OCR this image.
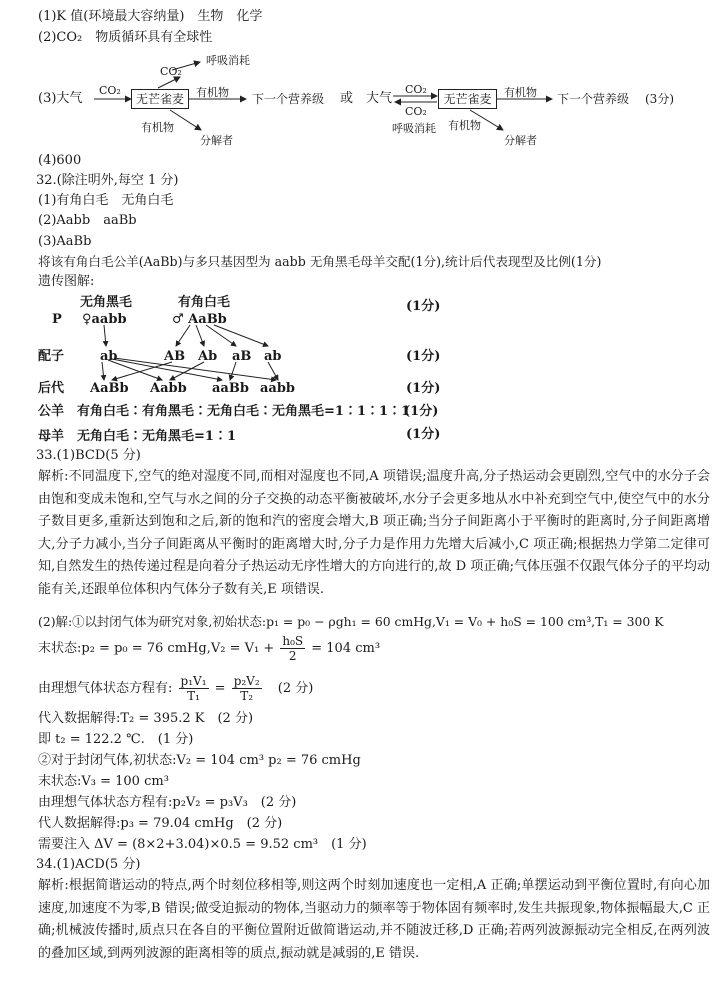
(1)K 值(环境最大容纳量)　生物　化学
(2)CO₂　物质循环具有全球性
(3)大气
CO₂
CO₂
呼吸消耗
无芒雀麦	有机物 下一个营养级
有机物
分解者
或 大气
CO₂
CO₂
呼吸消耗
无芒雀麦	有机物 下一个营养级
有机物
分解者
(3分)
(4)600
32.(除注明外,每空 1 分)
(1)有角白毛　无角白毛
(2)Aabb　aaBb
(3)AaBb
将该有角白毛公羊(AaBb)与多只基因型为 aabb 无角黑毛母羊交配(1分),统计后代表现型及比例(1分)
遗传图解:
无角黑毛	有角白毛
P ♀aabb	♂ AaBb
(1分)
配子	ab	AB Ab aB ab	(1分)
后代 AaBb Aabb aaBb aabb	(1分)
公羊　有角白毛∶有角黑毛∶无角白毛∶无角黑毛=1∶1∶1∶1
(1分)
母羊　无角白毛∶无角黑毛=1∶1	(1分)
33.(1)BCD(5 分)
解析:不同温度下,空气的绝对湿度不同,而相对湿度也不同,A 项错误;温度升高,分子热运动会更剧烈,空气中的水分子会由饱和变成未饱和,空气与水之间的分子交换的动态平衡被破坏,水分子会更多地从水中补充到空气中,使空气中的水分子数目更多,重新达到饱和之后,新的饱和汽的密度会增大,B 项正确;当分子间距离小于平衡时的距离时,分子间距离增大,分子力减小,当分子间距离从平衡时的距离增大时,分子力是作用力先增大后减小,C 项正确;根据热力学第二定律可知,自然发生的热传递过程是向着分子热运动无序性增大的方向进行的,故 D 项正确;气体压强不仅跟气体分子的平均动能有关,还跟单位体积内气体分子数有关,E 项错误.
(2)解:①以封闭气体为研究对象,初始状态:p₁ = p₀ − ρgh₁ = 60 cmHg,V₁ = V₀ + h₀S = 100 cm³,T₁ = 300 K
末状态:p₂ = p₀ = 76 cmHg,V₂ = $V_1 + \frac{\text{h₀S}}{2} = 104$ cm³
由理想气体状态方程有: $\frac{\text{p₁V₁}}{\text{T₁}} = \frac{\text{p₂V₂}}{\text{T₂}} (2$ 分)
代入数据解得:T₂ = 395.2 K　(2 分)
即 t₂ = 122.2 ℃.　(1 分)
②对于封闭气体,初状态:V₂ = 104 cm³ p₂ = 76 cmHg
末状态:V₃ = 100 cm³
由理想气体状态方程有:p₂V₂ = p₃V₃　(2 分)
代人数据解得:p₃ = 79.04 cmHg　(2 分)
需要注入 ΔV = (8×2+3.04)×0.5 = 9.52 cm³　(1 分)
34.(1)ACD(5 分)
解析:根据简谐运动的特点,两个时刻位移相等,则这两个时刻加速度也一定相,A 正确;单摆运动到平衡位置时,有向心加速度,加速度不为零,B 错误;做受迫振动的物体,当驱动力的频率等于物体固有频率时,发生共振现象,物体振幅最大,C 正确;机械波传播时,质点只在各自的平衡位置附近做简谐运动,并不随波迁移,D 正确;若两列波源振动完全相反,在两列波的叠加区域,到两列波源的距离相等的质点,振动就是减弱的,E 错误.
